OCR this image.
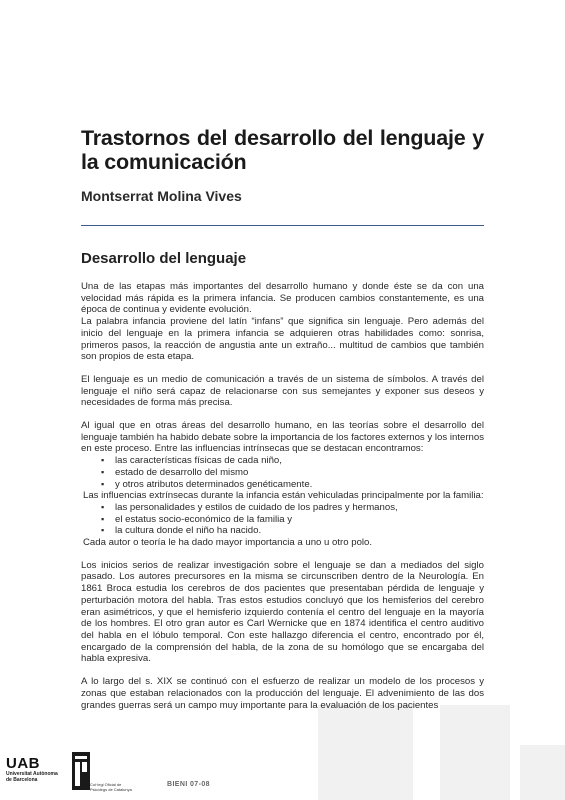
Trastornos del desarrollo del lenguaje y la comunicación
Montserrat Molina Vives
Desarrollo del lenguaje

Una de las etapas más importantes del desarrollo humano y donde éste se da con una velocidad más rápida es la primera infancia. Se producen cambios constantemente, es una época de continua y evidente evolución.

La palabra infancia proviene del latín “infans” que significa sin lenguaje. Pero además del inicio del lenguaje en la primera infancia se adquieren otras habilidades como: sonrisa, primeros pasos, la reacción de angustia ante un extraño... multitud de cambios que también son propios de esta etapa.

El lenguaje es un medio de comunicación a través de un sistema de símbolos. A través del lenguaje el niño será capaz de relacionarse con sus semejantes y exponer sus deseos y necesidades de forma más precisa.

Al igual que en otras áreas del desarrollo humano, en las teorías sobre el desarrollo del lenguaje también ha habido debate sobre la importancia de los factores externos y los internos en este proceso. Entre las influencias intrínsecas que se destacan encontramos:

▪ las características físicas de cada niño,
▪ estado de desarrollo del mismo
▪ y otros atributos determinados genéticamente.

Las influencias extrínsecas durante la infancia están vehiculadas principalmente por la familia:

▪ las personalidades y estilos de cuidado de los padres y hermanos,
▪ el estatus socio-económico de la familia y
▪ la cultura donde el niño ha nacido.

Cada autor o teoría le ha dado mayor importancia a uno u otro polo.

Los inicios serios de realizar investigación sobre el lenguaje se dan a mediados del siglo pasado. Los autores precursores en la misma se circunscriben dentro de la Neurología. En 1861 Broca estudia los cerebros de dos pacientes que presentaban pérdida de lenguaje y perturbación motora del habla. Tras estos estudios concluyó que los hemisferios del cerebro eran asimétricos, y que el hemisferio izquierdo contenía el centro del lenguaje en la mayoría de los hombres. El otro gran autor es Carl Wernicke que en 1874 identifica el centro auditivo del habla en el lóbulo temporal. Con este hallazgo diferencia el centro, encontrado por él, encargado de la comprensión del habla, de la zona de su homólogo que se encargaba del habla expresiva.

A lo largo del s. XIX se continuó con el esfuerzo de realizar un modelo de los procesos y zonas que estaban relacionados con la producción del lenguaje. El advenimiento de las dos grandes guerras será un campo muy importante para la evaluación de los pacientes

UAB
Universitat Autònoma
de Barcelona
Col·legi Oficial de
Psicòlegs de Catalunya
BIENI 07-08
